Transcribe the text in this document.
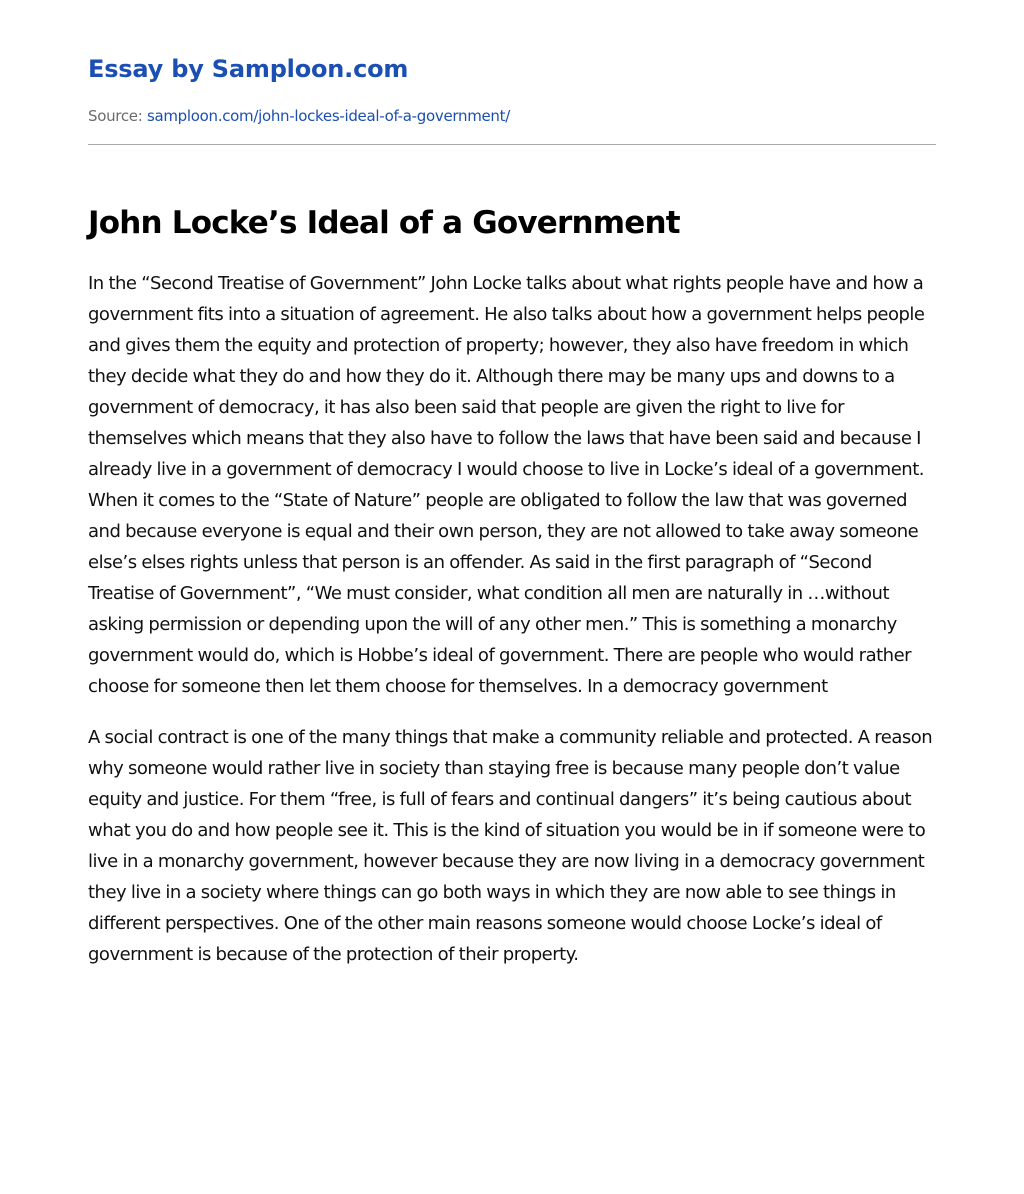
Essay by Samploon.com
Source: samploon.com/john-lockes-ideal-of-a-government/
John Locke’s Ideal of a Government

In the “Second Treatise of Government” John Locke talks about what rights people have and how a government fits into a situation of agreement. He also talks about how a government helps people and gives them the equity and protection of property; however, they also have freedom in which they decide what they do and how they do it. Although there may be many ups and downs to a government of democracy, it has also been said that people are given the right to live for themselves which means that they also have to follow the laws that have been said and because I already live in a government of democracy I would choose to live in Locke’s ideal of a government.

When it comes to the “State of Nature” people are obligated to follow the law that was governed and because everyone is equal and their own person, they are not allowed to take away someone else’s elses rights unless that person is an offender. As said in the first paragraph of “Second Treatise of Government”, “We must consider, what condition all men are naturally in …without asking permission or depending upon the will of any other men.” This is something a monarchy government would do, which is Hobbe’s ideal of government. There are people who would rather choose for someone then let them choose for themselves. In a democracy government

A social contract is one of the many things that make a community reliable and protected. A reason why someone would rather live in society than staying free is because many people don’t value equity and justice. For them “free, is full of fears and continual dangers” it’s being cautious about what you do and how people see it. This is the kind of situation you would be in if someone were to live in a monarchy government, however because they are now living in a democracy government they live in a society where things can go both ways in which they are now able to see things in different perspectives. One of the other main reasons someone would choose Locke’s ideal of government is because of the protection of their property.
